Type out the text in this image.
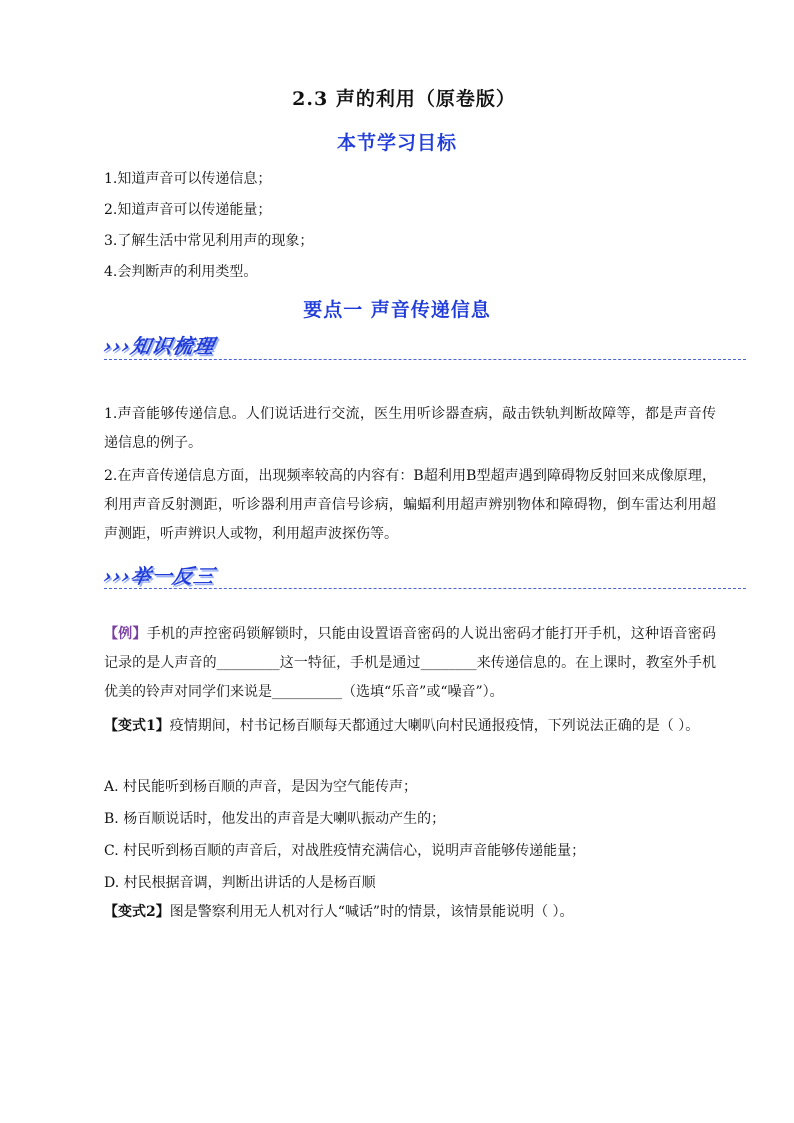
2.3 声的利用（原卷版）
本节学习目标
1.知道声音可以传递信息；
2.知道声音可以传递能量；
3.了解生活中常见利用声的现象；
4.会判断声的利用类型。
要点一 声音传递信息
›››知识梳理
1.声音能够传递信息。人们说话进行交流，医生用听诊器查病，敲击铁轨判断故障等，都是声音传递信息的例子。
2.在声音传递信息方面，出现频率较高的内容有：B超利用B型超声遇到障碍物反射回来成像原理，利用声音反射测距，听诊器利用声音信号诊病，蝙蝠利用超声辨别物体和障碍物，倒车雷达利用超声测距，听声辨识人或物，利用超声波探伤等。
›››举一反三
【例】手机的声控密码锁解锁时，只能由设置语音密码的人说出密码才能打开手机，这种语音密码记录的是人声音的_________这一特征，手机是通过________来传递信息的。在上课时，教室外手机优美的铃声对同学们来说是__________（选填“乐音”或“噪音”）。
【变式1】疫情期间，村书记杨百顺每天都通过大喇叭向村民通报疫情，下列说法正确的是（ ）。
A. 村民能听到杨百顺的声音，是因为空气能传声；
B. 杨百顺说话时，他发出的声音是大喇叭振动产生的；
C. 村民听到杨百顺的声音后，对战胜疫情充满信心，说明声音能够传递能量；
D. 村民根据音调，判断出讲话的人是杨百顺
【变式2】图是警察利用无人机对行人“喊话”时的情景，该情景能说明（ ）。
